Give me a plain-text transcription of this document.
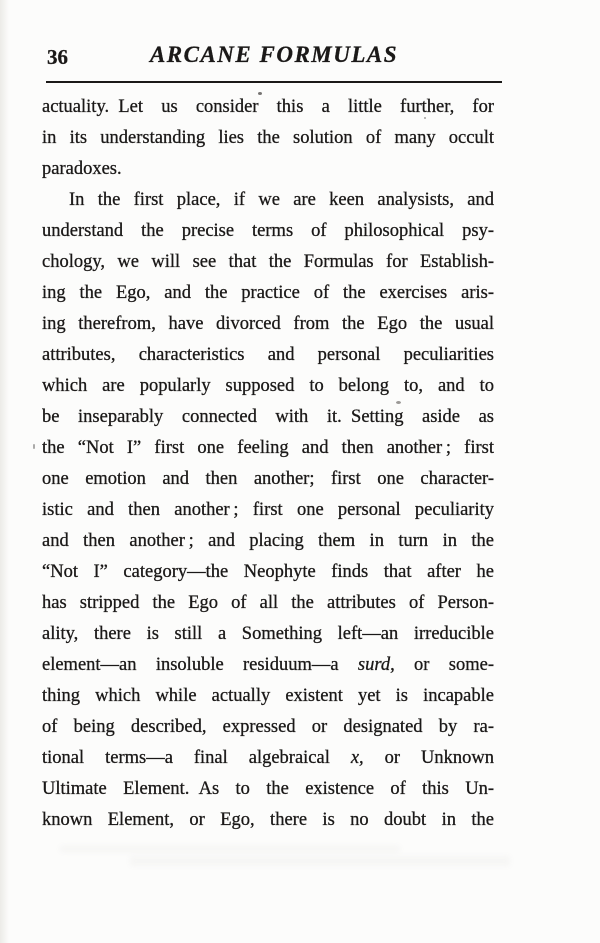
36	ARCANE FORMULAS
actuality. Let us consider this a little further, for
in its understanding lies the solution of many occult
paradoxes.
In the first place, if we are keen analysists, and
understand the precise terms of philosophical psy-
chology, we will see that the Formulas for Establish-
ing the Ego, and the practice of the exercises aris-
ing therefrom, have divorced from the Ego the usual
attributes, characteristics and personal peculiarities
which are popularly supposed to belong to, and to
be inseparably connected with it. Setting aside as
the “Not I” first one feeling and then another ; first
one emotion and then another; first one character-
istic and then another ; first one personal peculiarity
and then another ; and placing them in turn in the
“Not I” category—the Neophyte finds that after he
has stripped the Ego of all the attributes of Person-
ality, there is still a Something left—an irreducible
element—an insoluble residuum—a surd, or some-
thing which while actually existent yet is incapable
of being described, expressed or designated by ra-
tional terms—a final algebraical x, or Unknown
Ultimate Element. As to the existence of this Un-
known Element, or Ego, there is no doubt in the
